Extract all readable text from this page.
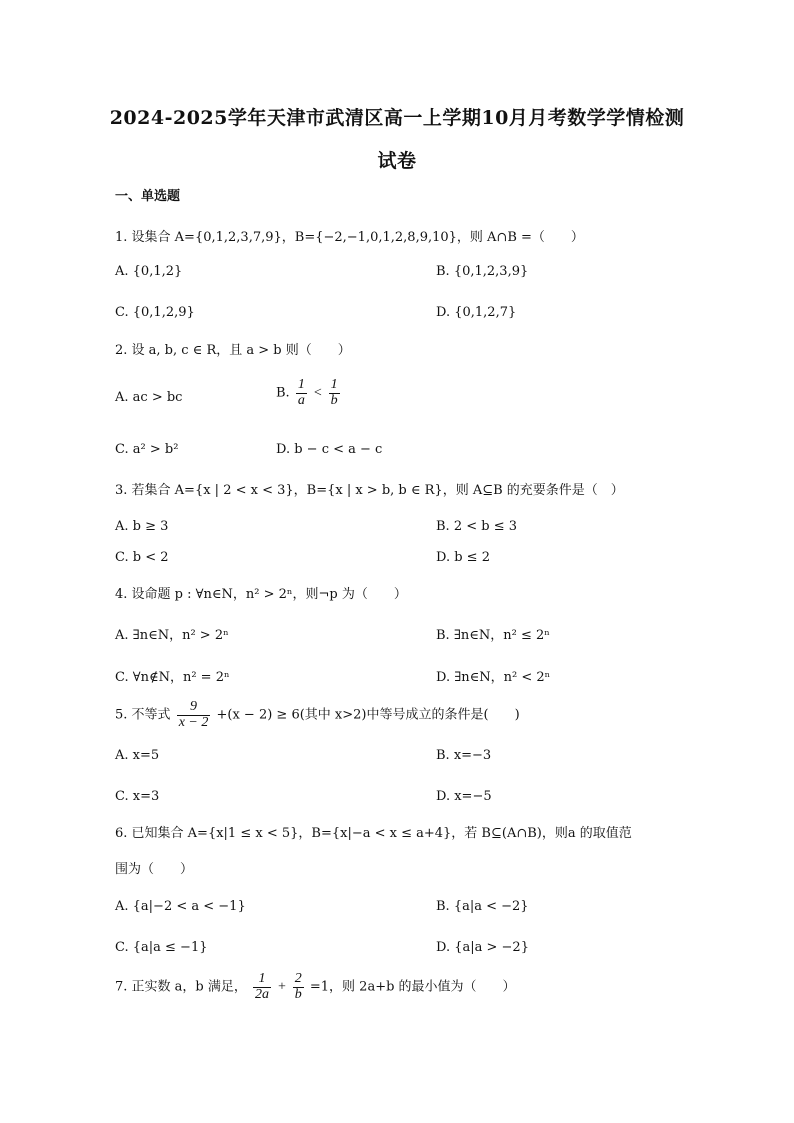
2024-2025学年天津市武清区高一上学期10月月考数学学情检测
试卷
一、单选题
1. 设集合 A={0,1,2,3,7,9}，B={−2,−1,0,1,2,8,9,10}，则 A∩B =（　　）
A. {0,1,2}	B. {0,1,2,3,9}
C. {0,1,2,9}	D. {0,1,2,7}
2. 设 a, b, c ∈ R，且 a > b 则（　　）
A. ac > bc	B. $\frac{1}{a} < \frac{1}{b}$
C. a² > b²	D. b − c < a − c
3. 若集合 A={x | 2 < x < 3}，B={x | x > b, b ∈ R}，则 A⊆B 的充要条件是（　）
A. b ≥ 3	B. 2 < b ≤ 3
C. b < 2	D. b ≤ 2
4. 设命题 p : ∀n∈N，n² > 2ⁿ，则¬p 为（　　）
A. ∃n∈N，n² > 2ⁿ	B. ∃n∈N，n² ≤ 2ⁿ
C. ∀n∉N，n² = 2ⁿ	D. ∃n∈N，n² < 2ⁿ
5. 不等式 $\frac{9}{x - 2} +(x - 2) \ge 6$(其中 x>2)中等号成立的条件是(　　)
A. x=5	B. x=−3
C. x=3	D. x=−5
6. 已知集合 A={x|1 ≤ x < 5}，B={x|−a < x ≤ a+4}，若 B⊆(A∩B)，则a 的取值范
围为（　　）
A. {a|−2 < a < −1}	B. {a|a < −2}
C. {a|a ≤ −1}	D. {a|a > −2}
7. 正实数 a，b 满足， $\frac{1}{2a} + \frac{2}{b} =1$，则 2a+b 的最小值为（　　）
